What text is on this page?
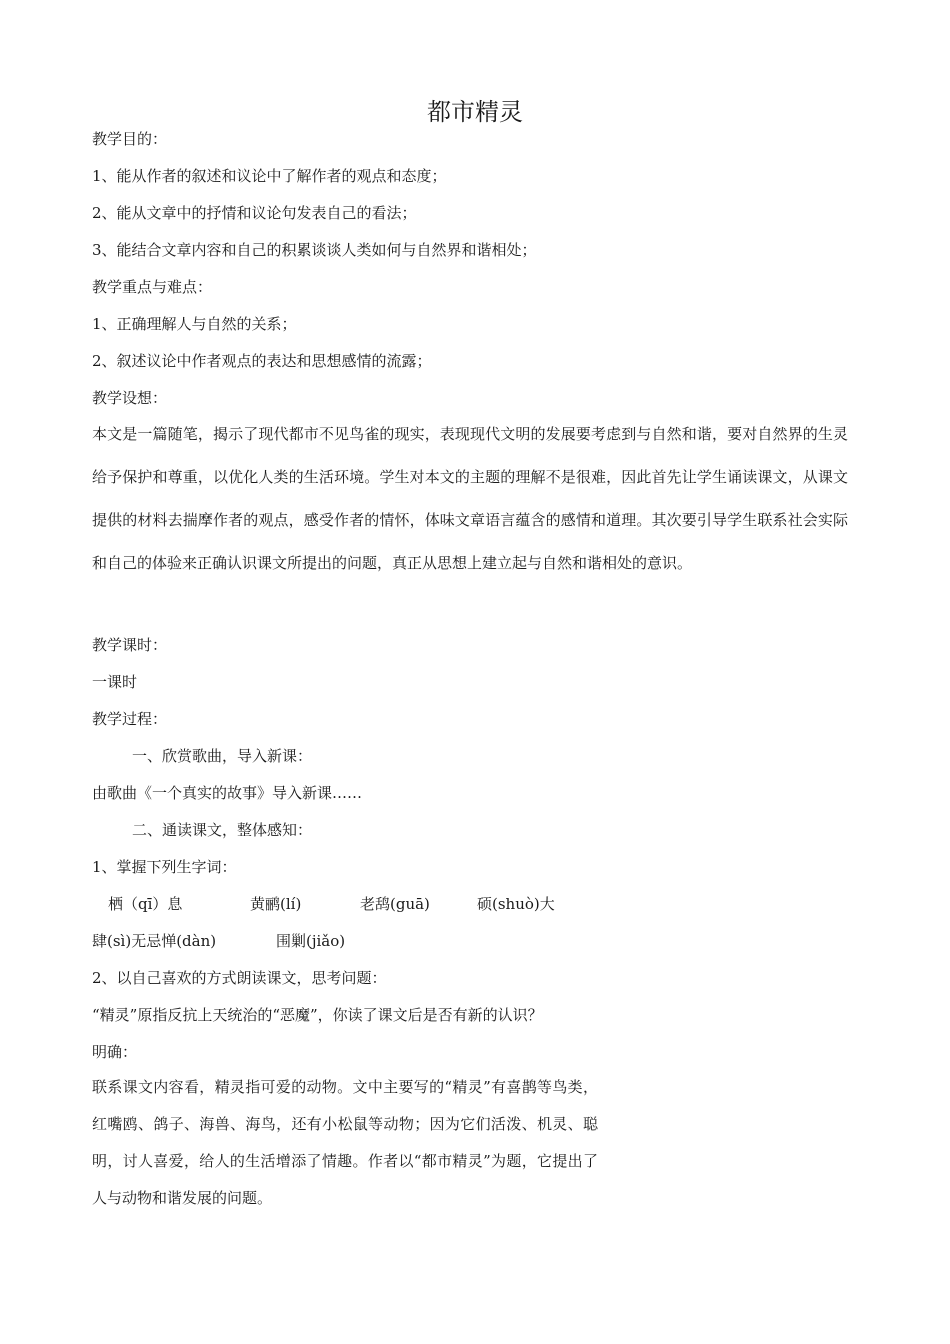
都市精灵
教学目的：
1、能从作者的叙述和议论中了解作者的观点和态度；
2、能从文章中的抒情和议论句发表自己的看法；
3、能结合文章内容和自己的积累谈谈人类如何与自然界和谐相处；
教学重点与难点：
1、正确理解人与自然的关系；
2、叙述议论中作者观点的表达和思想感情的流露；
教学设想：
本文是一篇随笔，揭示了现代都市不见鸟雀的现实，表现现代文明的发展要考虑到与自然和谐，要对自然界的生灵给予保护和尊重，以优化人类的生活环境。学生对本文的主题的理解不是很难，因此首先让学生诵读课文，从课文提供的材料去揣摩作者的观点，感受作者的情怀，体味文章语言蕴含的感情和道理。其次要引导学生联系社会实际和自己的体验来正确认识课文所提出的问题，真正从思想上建立起与自然和谐相处的意识。
教学课时：
一课时
教学过程：
一、欣赏歌曲，导入新课：
由歌曲《一个真实的故事》导入新课……
二、通读课文，整体感知：
1、掌握下列生字词：
栖（qī）息	黄鹂(lí)	老鸹(guā)	硕(shuò)大
肆(sì)无忌惮(dàn)	围剿(jiǎo)
2、以自己喜欢的方式朗读课文，思考问题：
“精灵”原指反抗上天统治的“恶魔”，你读了课文后是否有新的认识？
明确：
联系课文内容看，精灵指可爱的动物。文中主要写的“精灵”有喜鹊等鸟类，红嘴鸥、鸽子、海兽、海鸟，还有小松鼠等动物；因为它们活泼、机灵、聪明，讨人喜爱，给人的生活增添了情趣。作者以“都市精灵”为题，它提出了人与动物和谐发展的问题。
